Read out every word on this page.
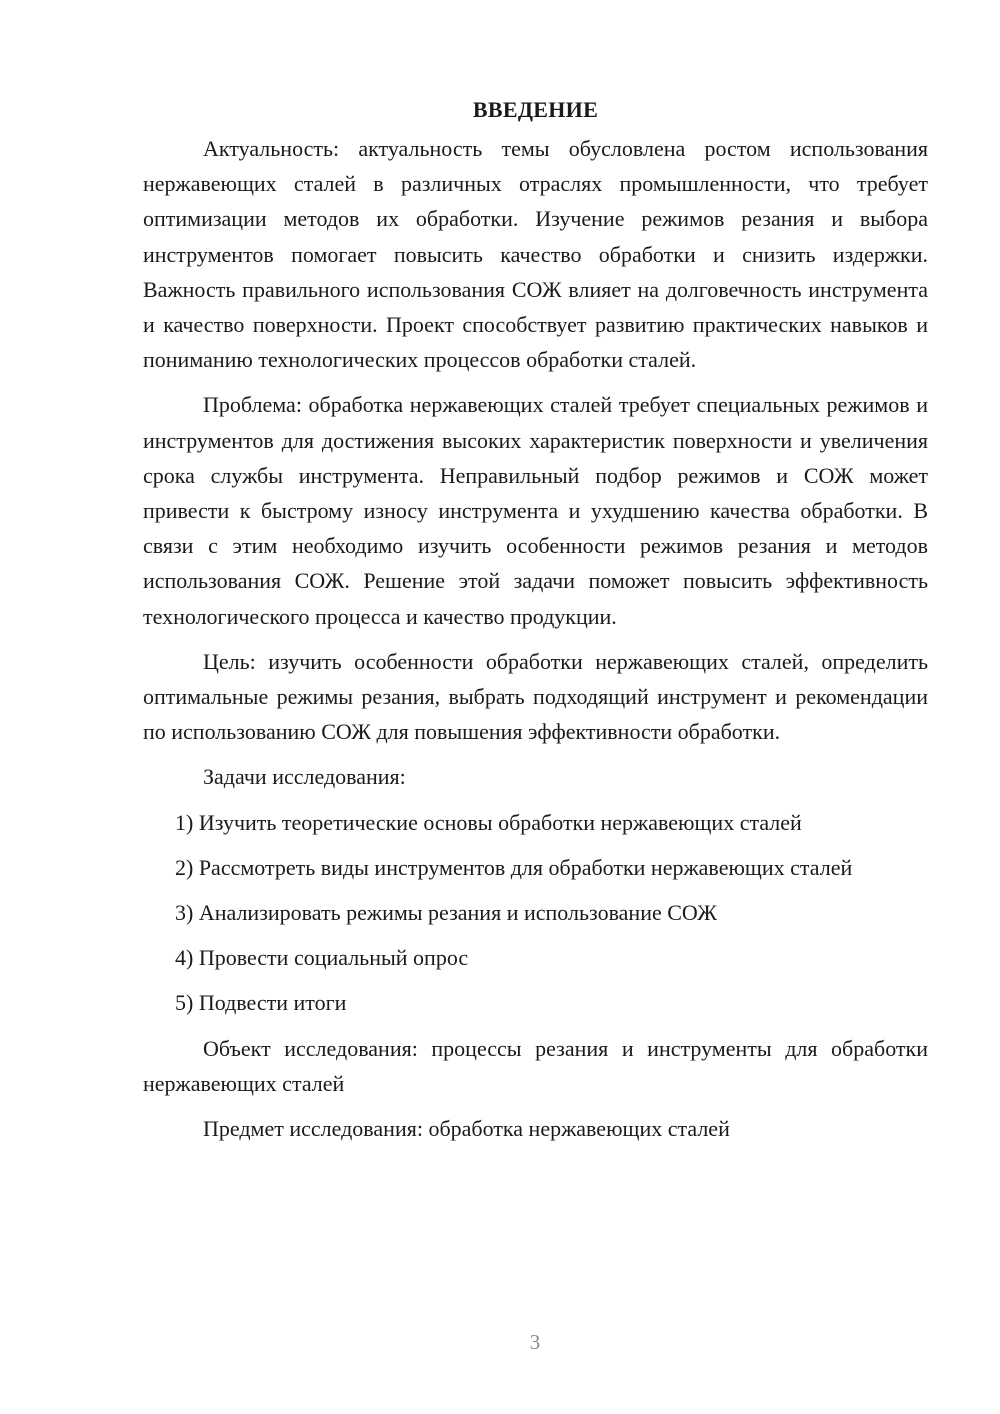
ВВЕДЕНИЕ

Актуальность: актуальность темы обусловлена ростом использования нержавеющих сталей в различных отраслях промышленности, что требует оптимизации методов их обработки. Изучение режимов резания и выбора инструментов помогает повысить качество обработки и снизить издержки. Важность правильного использования СОЖ влияет на долговечность инструмента и качество поверхности. Проект способствует развитию практических навыков и пониманию технологических процессов обработки сталей.

Проблема: обработка нержавеющих сталей требует специальных режимов и инструментов для достижения высоких характеристик поверхности и увеличения срока службы инструмента. Неправильный подбор режимов и СОЖ может привести к быстрому износу инструмента и ухудшению качества обработки. В связи с этим необходимо изучить особенности режимов резания и методов использования СОЖ. Решение этой задачи поможет повысить эффективность технологического процесса и качество продукции.

Цель: изучить особенности обработки нержавеющих сталей, определить оптимальные режимы резания, выбрать подходящий инструмент и рекомендации по использованию СОЖ для повышения эффективности обработки.

Задачи исследования:

1) Изучить теоретические основы обработки нержавеющих сталей

2) Рассмотреть виды инструментов для обработки нержавеющих сталей

3) Анализировать режимы резания и использование СОЖ

4) Провести социальный опрос

5) Подвести итоги

Объект исследования: процессы резания и инструменты для обработки нержавеющих сталей

Предмет исследования: обработка нержавеющих сталей

3
